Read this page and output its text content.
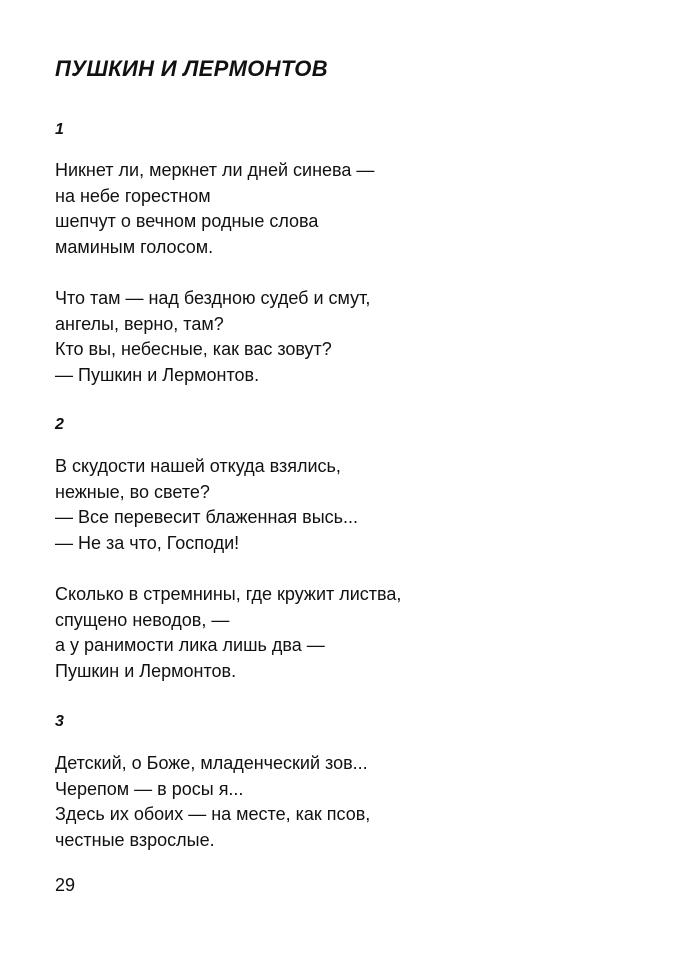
ПУШКИН И ЛЕРМОНТОВ
1
Никнет ли, меркнет ли дней синева —
на небе горестном
шепчут о вечном родные слова
маминым голосом.
Что там — над бездною судеб и смут,
ангелы, верно, там?
Кто вы, небесные, как вас зовут?
— Пушкин и Лермонтов.
2
В скудости нашей откуда взялись,
нежные, во свете?
— Все перевесит блаженная высь...
— Не за что, Господи!
Сколько в стремнины, где кружит листва,
спущено неводов, —
а у ранимости лика лишь два —
Пушкин и Лермонтов.
3
Детский, о Боже, младенческий зов...
Черепом — в росы я...
Здесь их обоих — на месте, как псов,
честные взрослые.
29
